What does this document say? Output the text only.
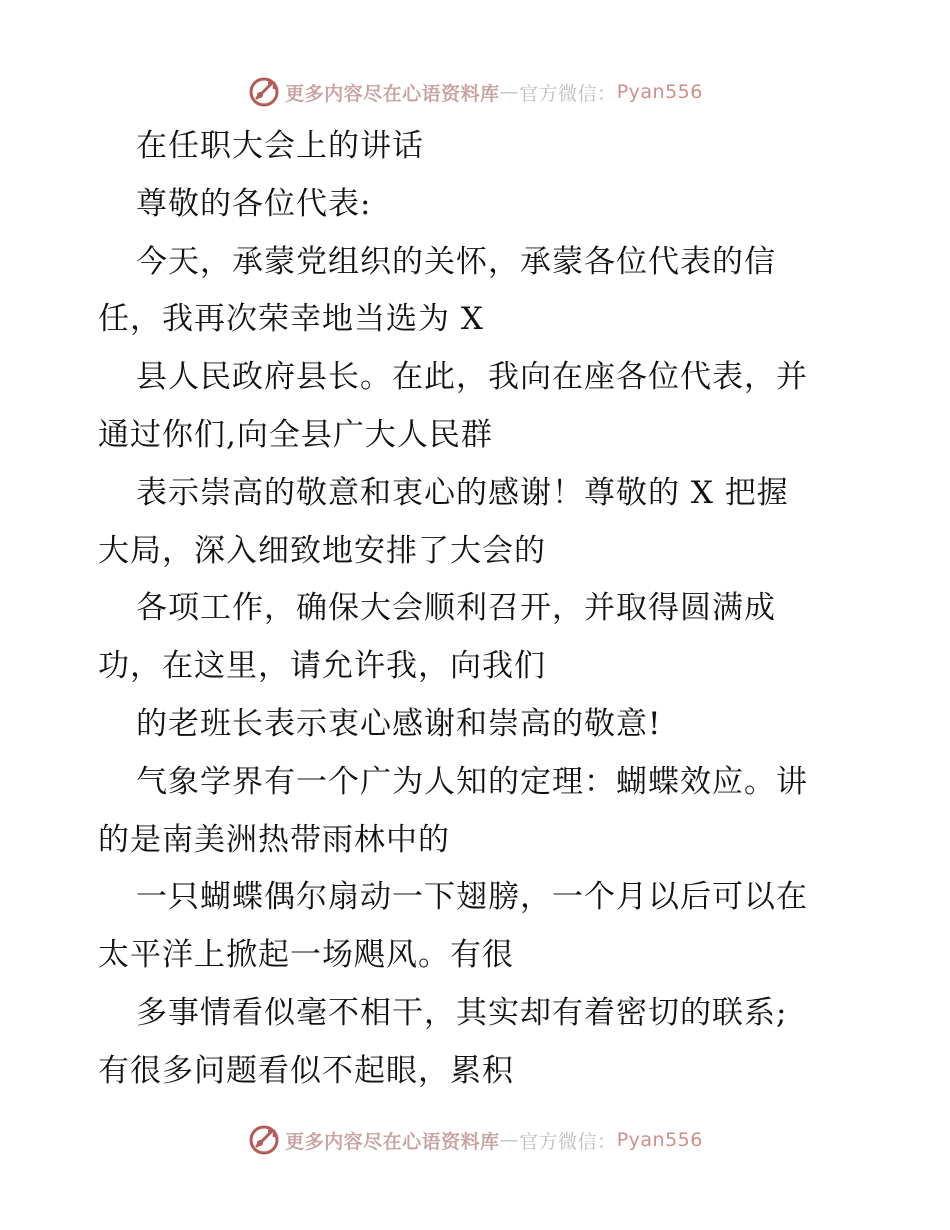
更多内容尽在心语资料库 — 官方微信： Pyan556
在任职大会上的讲话
尊敬的各位代表:
今天，承蒙党组织的关怀，承蒙各位代表的信
任，我再次荣幸地当选为 X
县人民政府县长。在此，我向在座各位代表，并
通过你们,向全县广大人民群
表示崇高的敬意和衷心的感谢！尊敬的 X 把握
大局，深入细致地安排了大会的
各项工作，确保大会顺利召开，并取得圆满成
功，在这里，请允许我，向我们
的老班长表示衷心感谢和崇高的敬意!
气象学界有一个广为人知的定理：蝴蝶效应。讲
的是南美洲热带雨林中的
一只蝴蝶偶尔扇动一下翅膀，一个月以后可以在
太平洋上掀起一场飓风。有很
多事情看似毫不相干，其实却有着密切的联系;
有很多问题看似不起眼，累积
更多内容尽在心语资料库 — 官方微信： Pyan556
